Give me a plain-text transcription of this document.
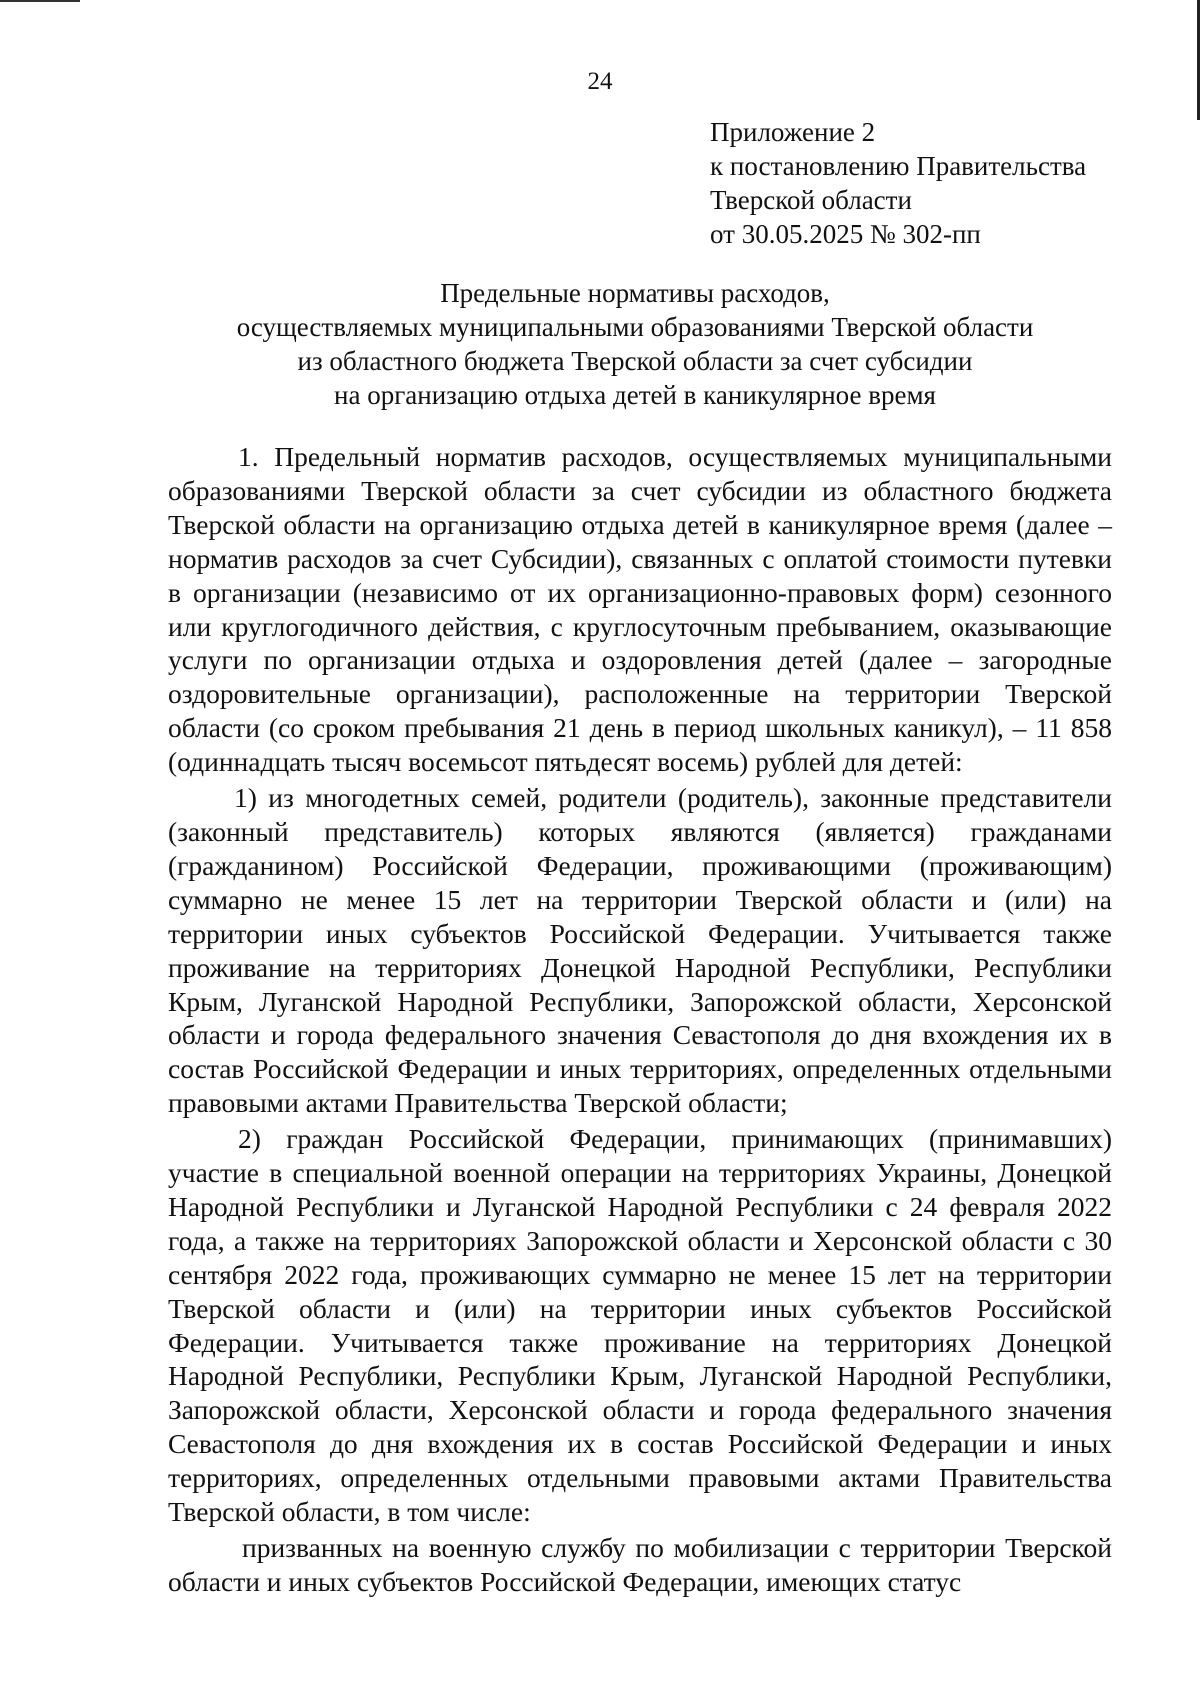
24
Приложение 2
к постановлению Правительства
Тверской области
от 30.05.2025 № 302-пп
Предельные нормативы расходов,
осуществляемых муниципальными образованиями Тверской области
из областного бюджета Тверской области за счет субсидии
на организацию отдыха детей в каникулярное время

1. Предельный норматив расходов, осуществляемых муниципальными образованиями Тверской области за счет субсидии из областного бюджета Тверской области на организацию отдыха детей в каникулярное время (далее – норматив расходов за счет Субсидии), связанных с оплатой стоимости путевки в организации (независимо от их организационно-правовых форм) сезонного или круглогодичного действия, с круглосуточным пребыванием, оказывающие услуги по организации отдыха и оздоровления детей (далее – загородные оздоровительные организации), расположенные на территории Тверской области (со сроком пребывания 21 день в период школьных каникул), – 11 858 (одиннадцать тысяч восемьсот пятьдесят восемь) рублей для детей:

1) из многодетных семей, родители (родитель), законные представители (законный представитель) которых являются (является) гражданами (гражданином) Российской Федерации, проживающими (проживающим) суммарно не менее 15 лет на территории Тверской области и (или) на территории иных субъектов Российской Федерации. Учитывается также проживание на территориях Донецкой Народной Республики, Республики Крым, Луганской Народной Республики, Запорожской области, Херсонской области и города федерального значения Севастополя до дня вхождения их в состав Российской Федерации и иных территориях, определенных отдельными правовыми актами Правительства Тверской области;

2) граждан Российской Федерации, принимающих (принимавших) участие в специальной военной операции на территориях Украины, Донецкой Народной Республики и Луганской Народной Республики с 24 февраля 2022 года, а также на территориях Запорожской области и Херсонской области с 30 сентября 2022 года, проживающих суммарно не менее 15 лет на территории Тверской области и (или) на территории иных субъектов Российской Федерации. Учитывается также проживание на территориях Донецкой Народной Республики, Республики Крым, Луганской Народной Республики, Запорожской области, Херсонской области и города федерального значения Севастополя до дня вхождения их в состав Российской Федерации и иных территориях, определенных отдельными правовыми актами Правительства Тверской области, в том числе:

призванных на военную службу по мобилизации с территории Тверской области и иных субъектов Российской Федерации, имеющих статус
